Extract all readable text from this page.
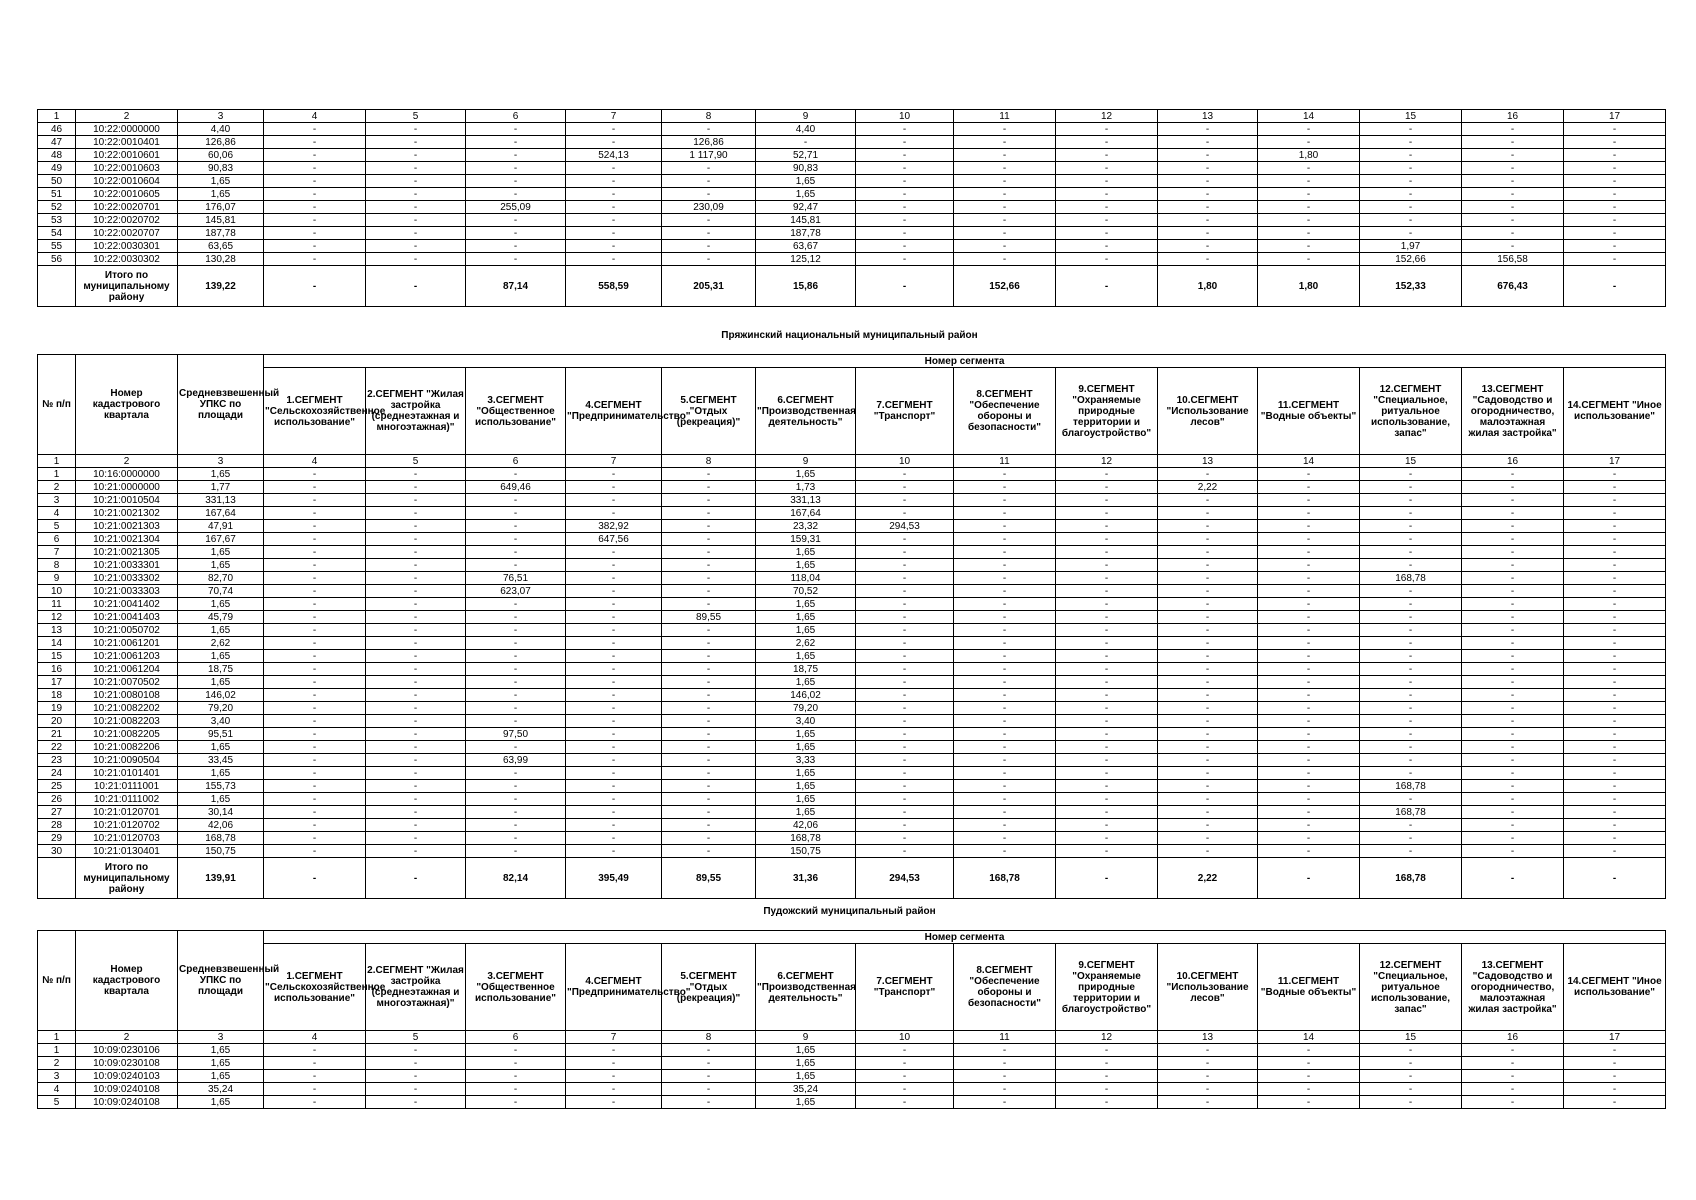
1	2	3	4	5	6	7	8	9	10	11	12	13	14	15	16	17
46	10:22:0000000	4,40	-	-	-	-	-	4,40	-	-	-	-	-	-	-	-
47	10:22:0010401	126,86	-	-	-	-	126,86	-	-	-	-	-	-	-	-	-
48	10:22:0010601	60,06	-	-	-	524,13	1 117,90	52,71	-	-	-	-	1,80	-	-	-
49	10:22:0010603	90,83	-	-	-	-	-	90,83	-	-	-	-	-	-	-	-
50	10:22:0010604	1,65	-	-	-	-	-	1,65	-	-	-	-	-	-	-	-
51	10:22:0010605	1,65	-	-	-	-	-	1,65	-	-	-	-	-	-	-	-
52	10:22:0020701	176,07	-	-	255,09	-	230,09	92,47	-	-	-	-	-	-	-	-
53	10:22:0020702	145,81	-	-	-	-	-	145,81	-	-	-	-	-	-	-	-
54	10:22:0020707	187,78	-	-	-	-	-	187,78	-	-	-	-	-	-	-	-
55	10:22:0030301	63,65	-	-	-	-	-	63,67	-	-	-	-	-	1,97	-	-
56	10:22:0030302	130,28	-	-	-	-	-	125,12	-	-	-	-	-	152,66	156,58	-
	Итого по муниципальному району	139,22	-	-	87,14	558,59	205,31	15,86	-	152,66	-	1,80	1,80	152,33	676,43	-
Пряжинский национальный муниципальный район
№ п/п	Номер кадастрового квартала	Средневзвешенный УПКС по площади	Номер сегмента													
			1.СЕГМЕНТ "Сельскохозяйственное использование"	2.СЕГМЕНТ "Жилая застройка (среднеэтажная и многоэтажная)"	3.СЕГМЕНТ "Общественное использование"	4.СЕГМЕНТ "Предпринимательство"	5.СЕГМЕНТ "Отдых (рекреация)"	6.СЕГМЕНТ "Производственная деятельность"	7.СЕГМЕНТ "Транспорт"	8.СЕГМЕНТ "Обеспечение обороны и безопасности"	9.СЕГМЕНТ "Охраняемые природные территории и благоустройство"	10.СЕГМЕНТ "Использование лесов"	11.СЕГМЕНТ "Водные объекты"	12.СЕГМЕНТ "Специальное, ритуальное использование, запас"	13.СЕГМЕНТ "Садоводство и огородничество, малоэтажная жилая застройка"	14.СЕГМЕНТ "Иное использование"
1	2	3	4	5	6	7	8	9	10	11	12	13	14	15	16	17
1	10:16:0000000	1,65	-	-	-	-	-	1,65	-	-	-	-	-	-	-	-
2	10:21:0000000	1,77	-	-	649,46	-	-	1,73	-	-	-	2,22	-	-	-	-
3	10:21:0010504	331,13	-	-	-	-	-	331,13	-	-	-	-	-	-	-	-
4	10:21:0021302	167,64	-	-	-	-	-	167,64	-	-	-	-	-	-	-	-
5	10:21:0021303	47,91	-	-	-	382,92	-	23,32	294,53	-	-	-	-	-	-	-
6	10:21:0021304	167,67	-	-	-	647,56	-	159,31	-	-	-	-	-	-	-	-
7	10:21:0021305	1,65	-	-	-	-	-	1,65	-	-	-	-	-	-	-	-
8	10:21:0033301	1,65	-	-	-	-	-	1,65	-	-	-	-	-	-	-	-
9	10:21:0033302	82,70	-	-	76,51	-	-	118,04	-	-	-	-	-	168,78	-	-
10	10:21:0033303	70,74	-	-	623,07	-	-	70,52	-	-	-	-	-	-	-	-
11	10:21:0041402	1,65	-	-	-	-	-	1,65	-	-	-	-	-	-	-	-
12	10:21:0041403	45,79	-	-	-	-	89,55	1,65	-	-	-	-	-	-	-	-
13	10:21:0050702	1,65	-	-	-	-	-	1,65	-	-	-	-	-	-	-	-
14	10:21:0061201	2,62	-	-	-	-	-	2,62	-	-	-	-	-	-	-	-
15	10:21:0061203	1,65	-	-	-	-	-	1,65	-	-	-	-	-	-	-	-
16	10:21:0061204	18,75	-	-	-	-	-	18,75	-	-	-	-	-	-	-	-
17	10:21:0070502	1,65	-	-	-	-	-	1,65	-	-	-	-	-	-	-	-
18	10:21:0080108	146,02	-	-	-	-	-	146,02	-	-	-	-	-	-	-	-
19	10:21:0082202	79,20	-	-	-	-	-	79,20	-	-	-	-	-	-	-	-
20	10:21:0082203	3,40	-	-	-	-	-	3,40	-	-	-	-	-	-	-	-
21	10:21:0082205	95,51	-	-	97,50	-	-	1,65	-	-	-	-	-	-	-	-
22	10:21:0082206	1,65	-	-	-	-	-	1,65	-	-	-	-	-	-	-	-
23	10:21:0090504	33,45	-	-	63,99	-	-	3,33	-	-	-	-	-	-	-	-
24	10:21:0101401	1,65	-	-	-	-	-	1,65	-	-	-	-	-	-	-	-
25	10:21:0111001	155,73	-	-	-	-	-	1,65	-	-	-	-	-	168,78	-	-
26	10:21:0111002	1,65	-	-	-	-	-	1,65	-	-	-	-	-	-	-	-
27	10:21:0120701	30,14	-	-	-	-	-	1,65	-	-	-	-	-	168,78	-	-
28	10:21:0120702	42,06	-	-	-	-	-	42,06	-	-	-	-	-	-	-	-
29	10:21:0120703	168,78	-	-	-	-	-	168,78	-	-	-	-	-	-	-	-
30	10:21:0130401	150,75	-	-	-	-	-	150,75	-	-	-	-	-	-	-	-
	Итого по муниципальному району	139,91	-	-	82,14	395,49	89,55	31,36	294,53	168,78	-	2,22	-	168,78	-	-
Пудожский муниципальный район
№ п/п	Номер кадастрового квартала	Средневзвешенный УПКС по площади	Номер сегмента													
			1.СЕГМЕНТ "Сельскохозяйственное использование"	2.СЕГМЕНТ "Жилая застройка (среднеэтажная и многоэтажная)"	3.СЕГМЕНТ "Общественное использование"	4.СЕГМЕНТ "Предпринимательство"	5.СЕГМЕНТ "Отдых (рекреация)"	6.СЕГМЕНТ "Производственная деятельность"	7.СЕГМЕНТ "Транспорт"	8.СЕГМЕНТ "Обеспечение обороны и безопасности"	9.СЕГМЕНТ "Охраняемые природные территории и благоустройство"	10.СЕГМЕНТ "Использование лесов"	11.СЕГМЕНТ "Водные объекты"	12.СЕГМЕНТ "Специальное, ритуальное использование, запас"	13.СЕГМЕНТ "Садоводство и огородничество, малоэтажная жилая застройка"	14.СЕГМЕНТ "Иное использование"
1	2	3	4	5	6	7	8	9	10	11	12	13	14	15	16	17
1	10:09:0230106	1,65	-	-	-	-	-	1,65	-	-	-	-	-	-	-	-
2	10:09:0230108	1,65	-	-	-	-	-	1,65	-	-	-	-	-	-	-	-
3	10:09:0240103	1,65	-	-	-	-	-	1,65	-	-	-	-	-	-	-	-
4	10:09:0240108	35,24	-	-	-	-	-	35,24	-	-	-	-	-	-	-	-
5	10:09:0240108	1,65	-	-	-	-	-	1,65	-	-	-	-	-	-	-	-
